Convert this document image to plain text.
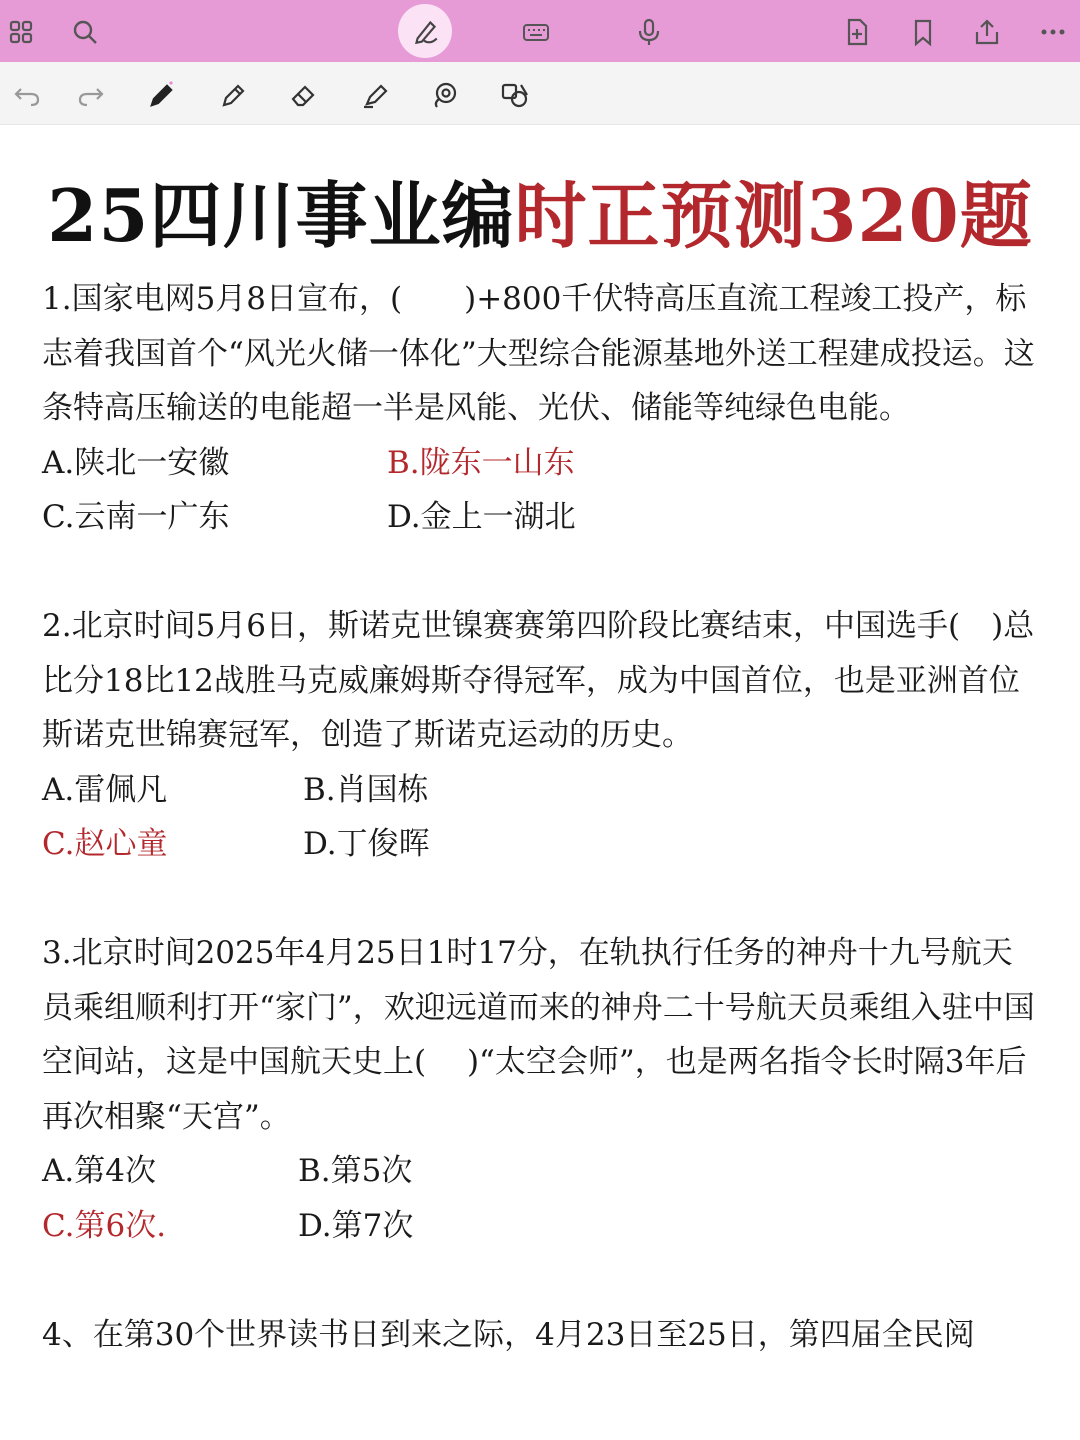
25四川事业编时正预测320题

1.国家电网5月8日宣布，(　　)+800千伏特高压直流工程竣工投产，标志着我国首个“风光火储一体化”大型综合能源基地外送工程建成投运。这条特高压输送的电能超一半是风能、光伏、储能等纯绿色电能。

A.陕北一安徽	B.陇东一山东
C.云南一广东	D.金上一湖北

2.北京时间5月6日，斯诺克世镍赛赛第四阶段比赛结束，中国选手(　)总比分18比12战胜马克威廉姆斯夺得冠军，成为中国首位，也是亚洲首位斯诺克世锦赛冠军，创造了斯诺克运动的历史。

A.雷佩凡	B.肖国栋
C.赵心童	D.丁俊晖

3.北京时间2025年4月25日1时17分，在轨执行任务的神舟十九号航天员乘组顺利打开“家门”，欢迎远道而来的神舟二十号航天员乘组入驻中国空间站，这是中国航天史上(　 )“太空会师”，也是两名指令长时隔3年后再次相聚“天宫”。

A.第4次	B.第5次
C.第6次.	D.第7次

4、在第30个世界读书日到来之际，4月23日至25日，第四届全民阅
